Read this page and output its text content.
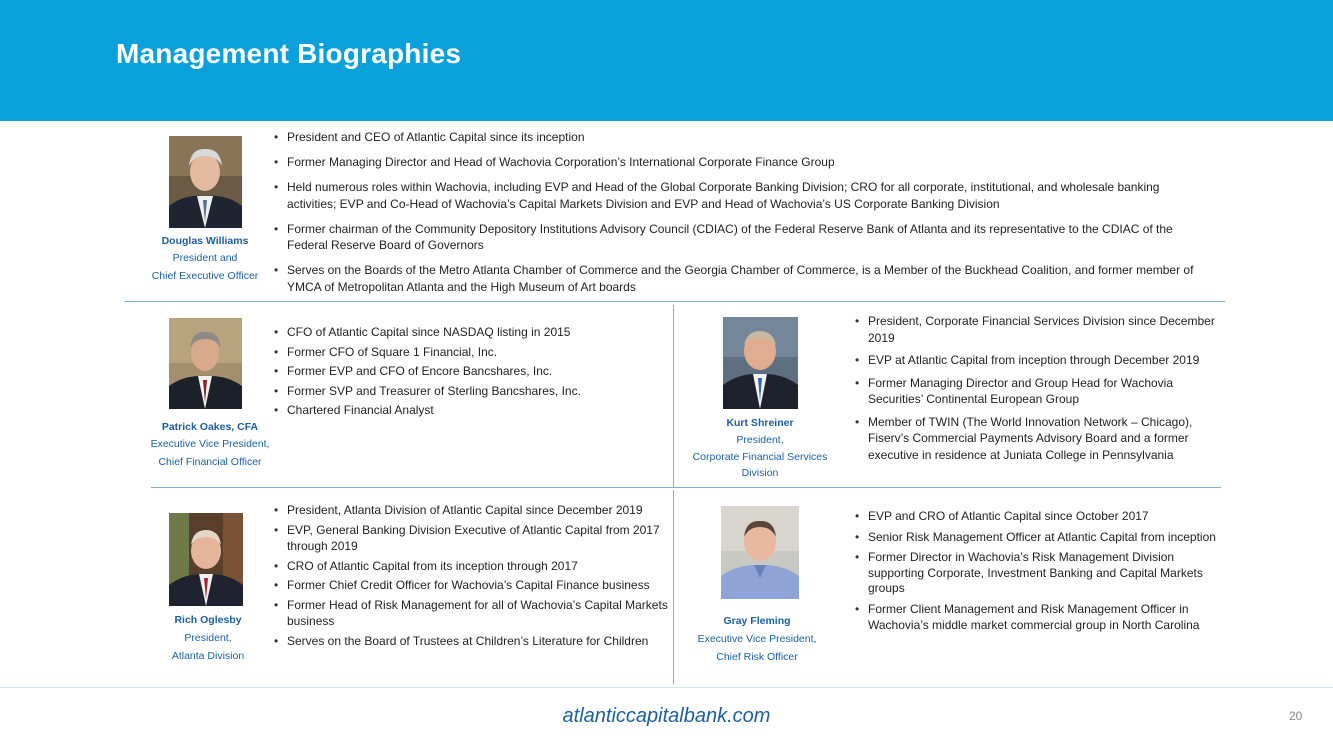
Management Biographies
Douglas Williams
President and
Chief Executive Officer
• President and CEO of Atlantic Capital since its inception
• Former Managing Director and Head of Wachovia Corporation’s International Corporate Finance Group
• Held numerous roles within Wachovia, including EVP and Head of the Global Corporate Banking Division; CRO for all corporate, institutional, and wholesale banking activities; EVP and Co-Head of Wachovia’s Capital Markets Division and EVP and Head of Wachovia’s US Corporate Banking Division
• Former chairman of the Community Depository Institutions Advisory Council (CDIAC) of the Federal Reserve Bank of Atlanta and its representative to the CDIAC of the Federal Reserve Board of Governors
• Serves on the Boards of the Metro Atlanta Chamber of Commerce and the Georgia Chamber of Commerce, is a Member of the Buckhead Coalition, and former member of YMCA of Metropolitan Atlanta and the High Museum of Art boards
Patrick Oakes, CFA
Executive Vice President,
Chief Financial Officer
• CFO of Atlantic Capital since NASDAQ listing in 2015
• Former CFO of Square 1 Financial, Inc.
• Former EVP and CFO of Encore Bancshares, Inc.
• Former SVP and Treasurer of Sterling Bancshares, Inc.
• Chartered Financial Analyst
Kurt Shreiner
President,
Corporate Financial Services
Division
• President, Corporate Financial Services Division since December 2019
• EVP at Atlantic Capital from inception through December 2019
• Former Managing Director and Group Head for Wachovia Securities’ Continental European Group
• Member of TWIN (The World Innovation Network – Chicago), Fiserv’s Commercial Payments Advisory Board and a former executive in residence at Juniata College in Pennsylvania
Rich Oglesby
President,
Atlanta Division
• President, Atlanta Division of Atlantic Capital since December 2019
• EVP, General Banking Division Executive of Atlantic Capital from 2017 through 2019
• CRO of Atlantic Capital from its inception through 2017
• Former Chief Credit Officer for Wachovia’s Capital Finance business
• Former Head of Risk Management for all of Wachovia’s Capital Markets business
• Serves on the Board of Trustees at Children’s Literature for Children
Gray Fleming
Executive Vice President,
Chief Risk Officer
• EVP and CRO of Atlantic Capital since October 2017
• Senior Risk Management Officer at Atlantic Capital from inception
• Former Director in Wachovia’s Risk Management Division supporting Corporate, Investment Banking and Capital Markets groups
• Former Client Management and Risk Management Officer in Wachovia’s middle market commercial group in North Carolina
atlanticcapitalbank.com	20
